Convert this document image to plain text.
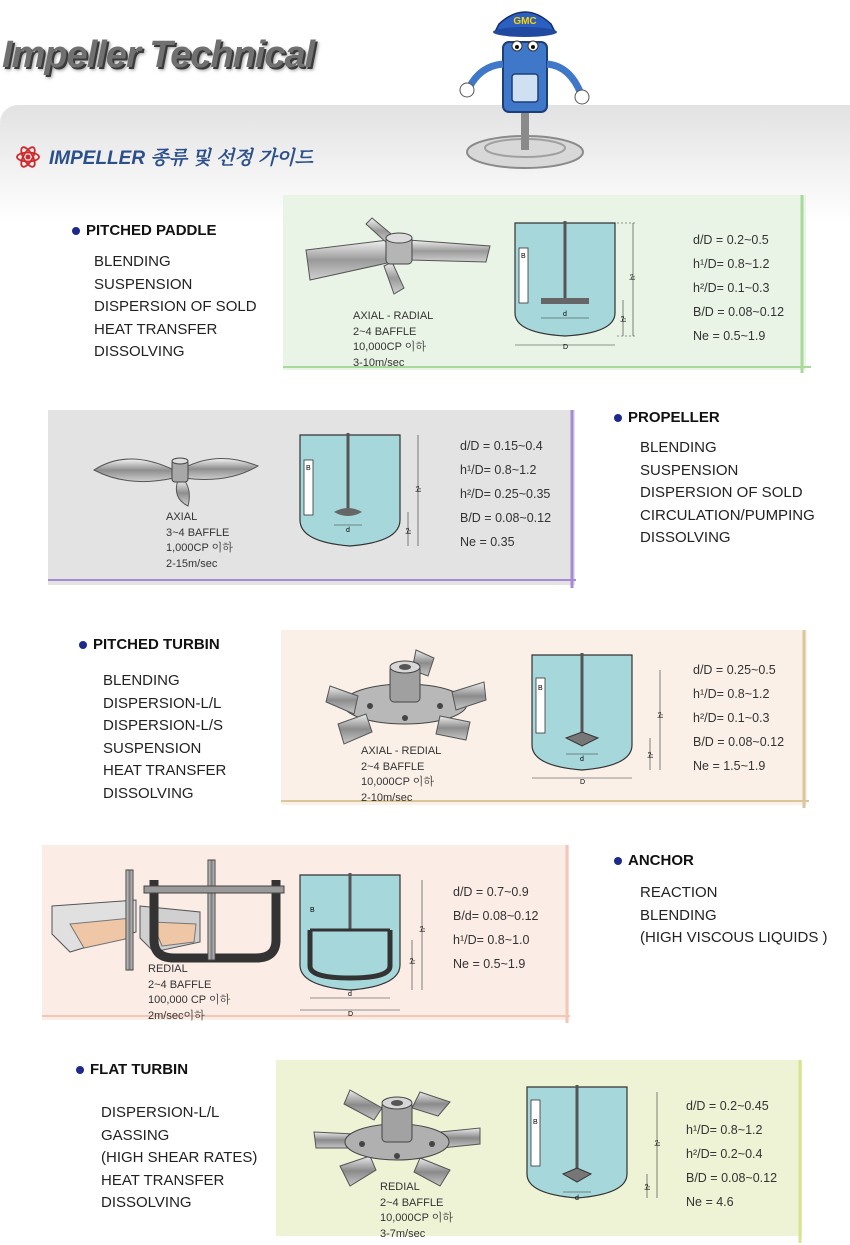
Impeller Technical
GMC
IMPELLER 종류 및 선정 가이드
PITCHED PADDLE
BLENDING
SUSPENSION
DISPERSION OF SOLD
HEAT TRANSFER
DISSOLVING
AXIAL - RADIAL
2~4 BAFFLE
10,000CP 이하
3-10m/sec
B
d
D
h¹
h²
d/D = 0.2~0.5
h¹/D= 0.8~1.2
h²/D= 0.1~0.3
B/D = 0.08~0.12
Ne = 0.5~1.9
PROPELLER
BLENDING
SUSPENSION
DISPERSION OF SOLD
CIRCULATION/PUMPING
DISSOLVING
AXIAL
3~4 BAFFLE
1,000CP 이하
2-15m/sec
B
d
h¹
h²
d/D = 0.15~0.4
h¹/D= 0.8~1.2
h²/D= 0.25~0.35
B/D = 0.08~0.12
Ne = 0.35
PITCHED TURBIN
BLENDING
DISPERSION-L/L
DISPERSION-L/S
SUSPENSION
HEAT TRANSFER
DISSOLVING
AXIAL - REDIAL
2~4 BAFFLE
10,000CP 이하
2-10m/sec
B
d
D
h¹
h²
d/D = 0.25~0.5
h¹/D= 0.8~1.2
h²/D= 0.1~0.3
B/D = 0.08~0.12
Ne = 1.5~1.9
ANCHOR
REACTION
BLENDING
(HIGH VISCOUS LIQUIDS )
REDIAL
2~4 BAFFLE
100,000 CP 이하
2m/sec이하
B
d
D
h¹
h²
d/D = 0.7~0.9
B/d= 0.08~0.12
h¹/D= 0.8~1.0
Ne = 0.5~1.9
FLAT TURBIN
DISPERSION-L/L
GASSING
(HIGH SHEAR RATES)
HEAT TRANSFER
DISSOLVING
REDIAL
2~4 BAFFLE
10,000CP 이하
3-7m/sec
B
d
h¹
h²
d/D = 0.2~0.45
h¹/D= 0.8~1.2
h²/D= 0.2~0.4
B/D = 0.08~0.12
Ne = 4.6
